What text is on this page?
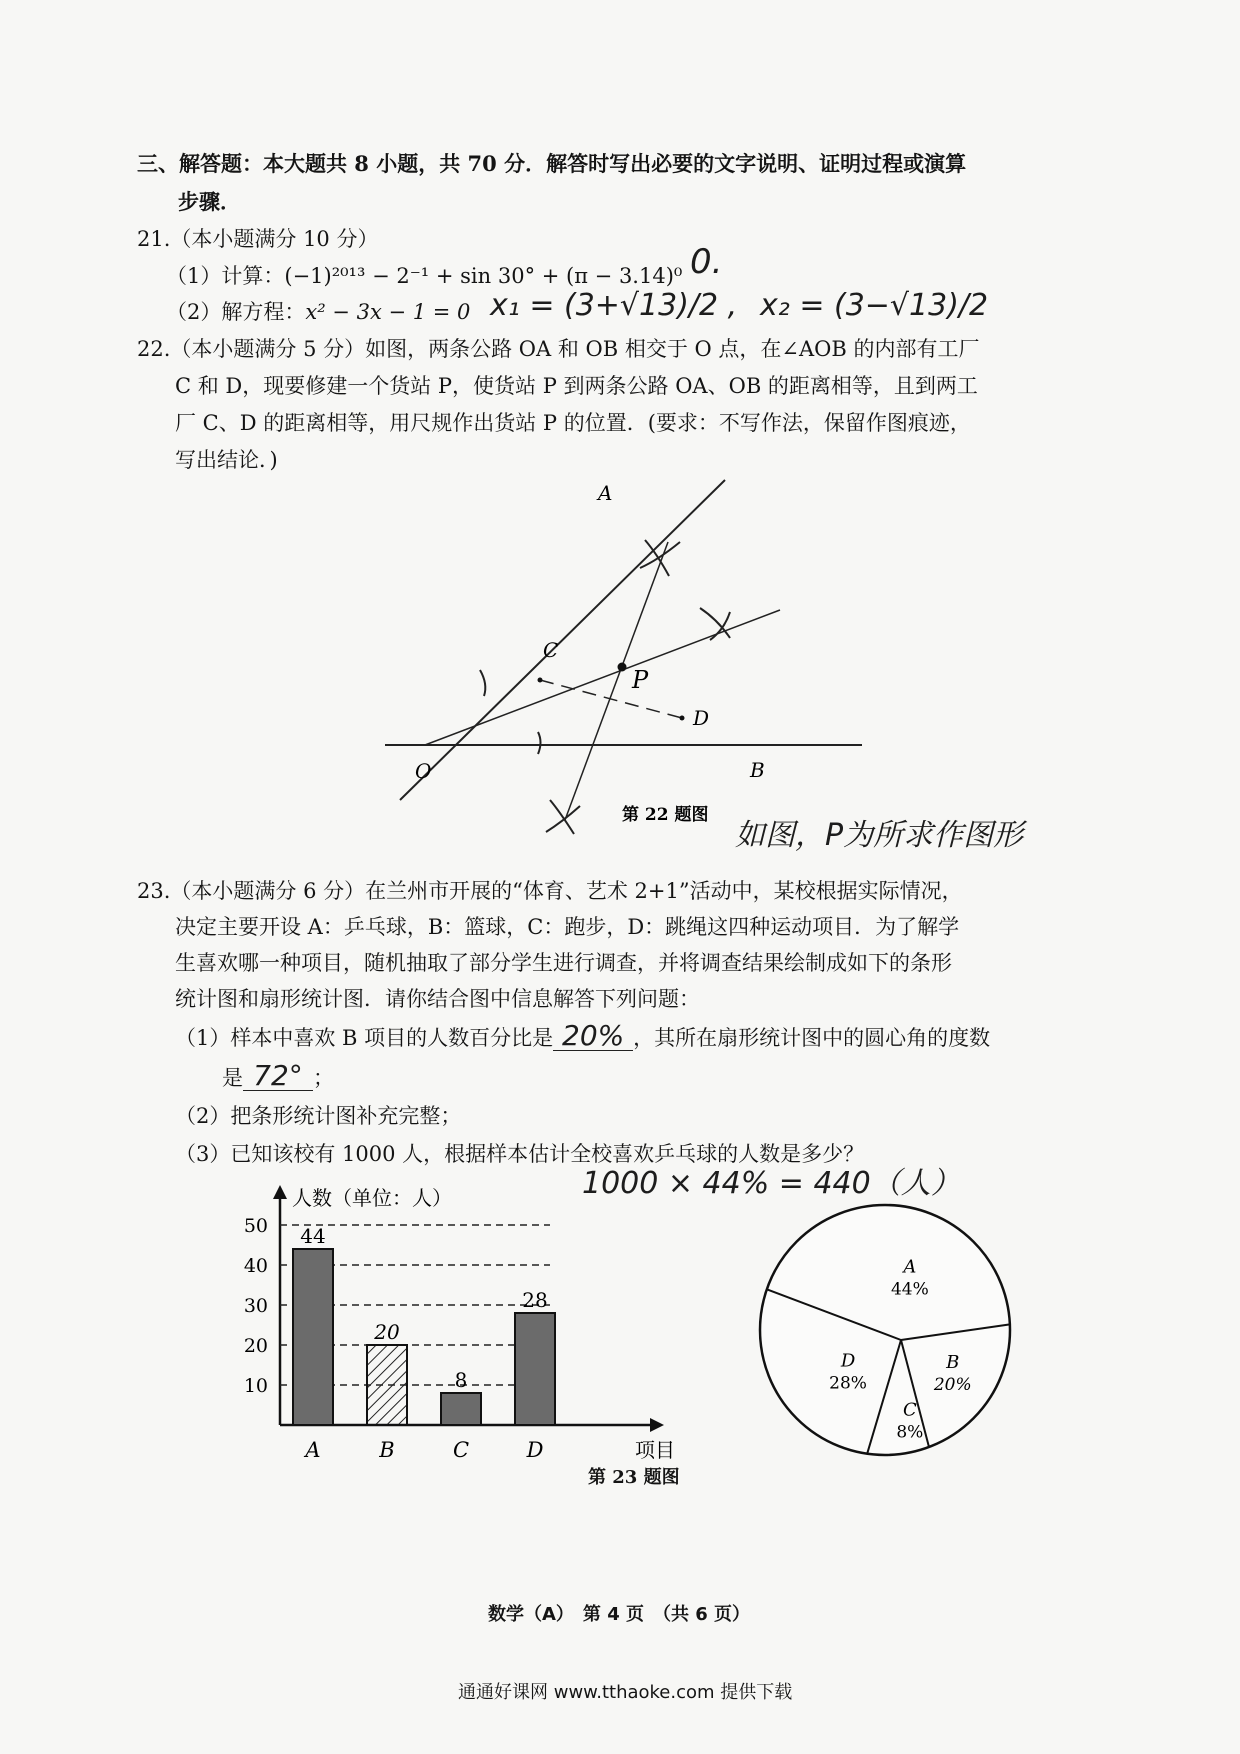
三、解答题：本大题共 8 小题，共 70 分．解答时写出必要的文字说明、证明过程或演算
步骤．
21.（本小题满分 10 分）
（1）计算：(−1)²⁰¹³ − 2⁻¹ + sin 30° + (π − 3.14)⁰ 0.
（2）解方程：x² − 3x − 1 = 0 x₁ = (3+√13)/2 , x₂ = (3−√13)/2
22.（本小题满分 5 分）如图，两条公路 OA 和 OB 相交于 O 点，在∠AOB 的内部有工厂
C 和 D，现要修建一个货站 P，使货站 P 到两条公路 OA、OB 的距离相等，且到两工
厂 C、D 的距离相等，用尺规作出货站 P 的位置．(要求：不写作法，保留作图痕迹，
写出结论．)
A
B
O
C
D
P
第 22 题图
如图，P为所求作图形
23.（本小题满分 6 分）在兰州市开展的“体育、艺术 2+1”活动中，某校根据实际情况，
决定主要开设 A：乒乓球，B：篮球，C：跑步，D：跳绳这四种运动项目．为了解学
生喜欢哪一种项目，随机抽取了部分学生进行调查，并将调查结果绘制成如下的条形
统计图和扇形统计图．请你结合图中信息解答下列问题：
（1）样本中喜欢 B 项目的人数百分比是 20% ，其所在扇形统计图中的圆心角的度数
是 72° ；
（2）把条形统计图补充完整；
（3）已知该校有 1000 人，根据样本估计全校喜欢乒乓球的人数是多少？
1000 × 44% = 440（人）
人数（单位：人）
项目
10
20
30
40
50 44
A
20
B
8
C
28
D
A
44%
B
20%
C
8%
D
28%
第 23 题图
数学（A）　第 4 页　（共 6 页）
通通好课网 www.tthaoke.com 提供下载
